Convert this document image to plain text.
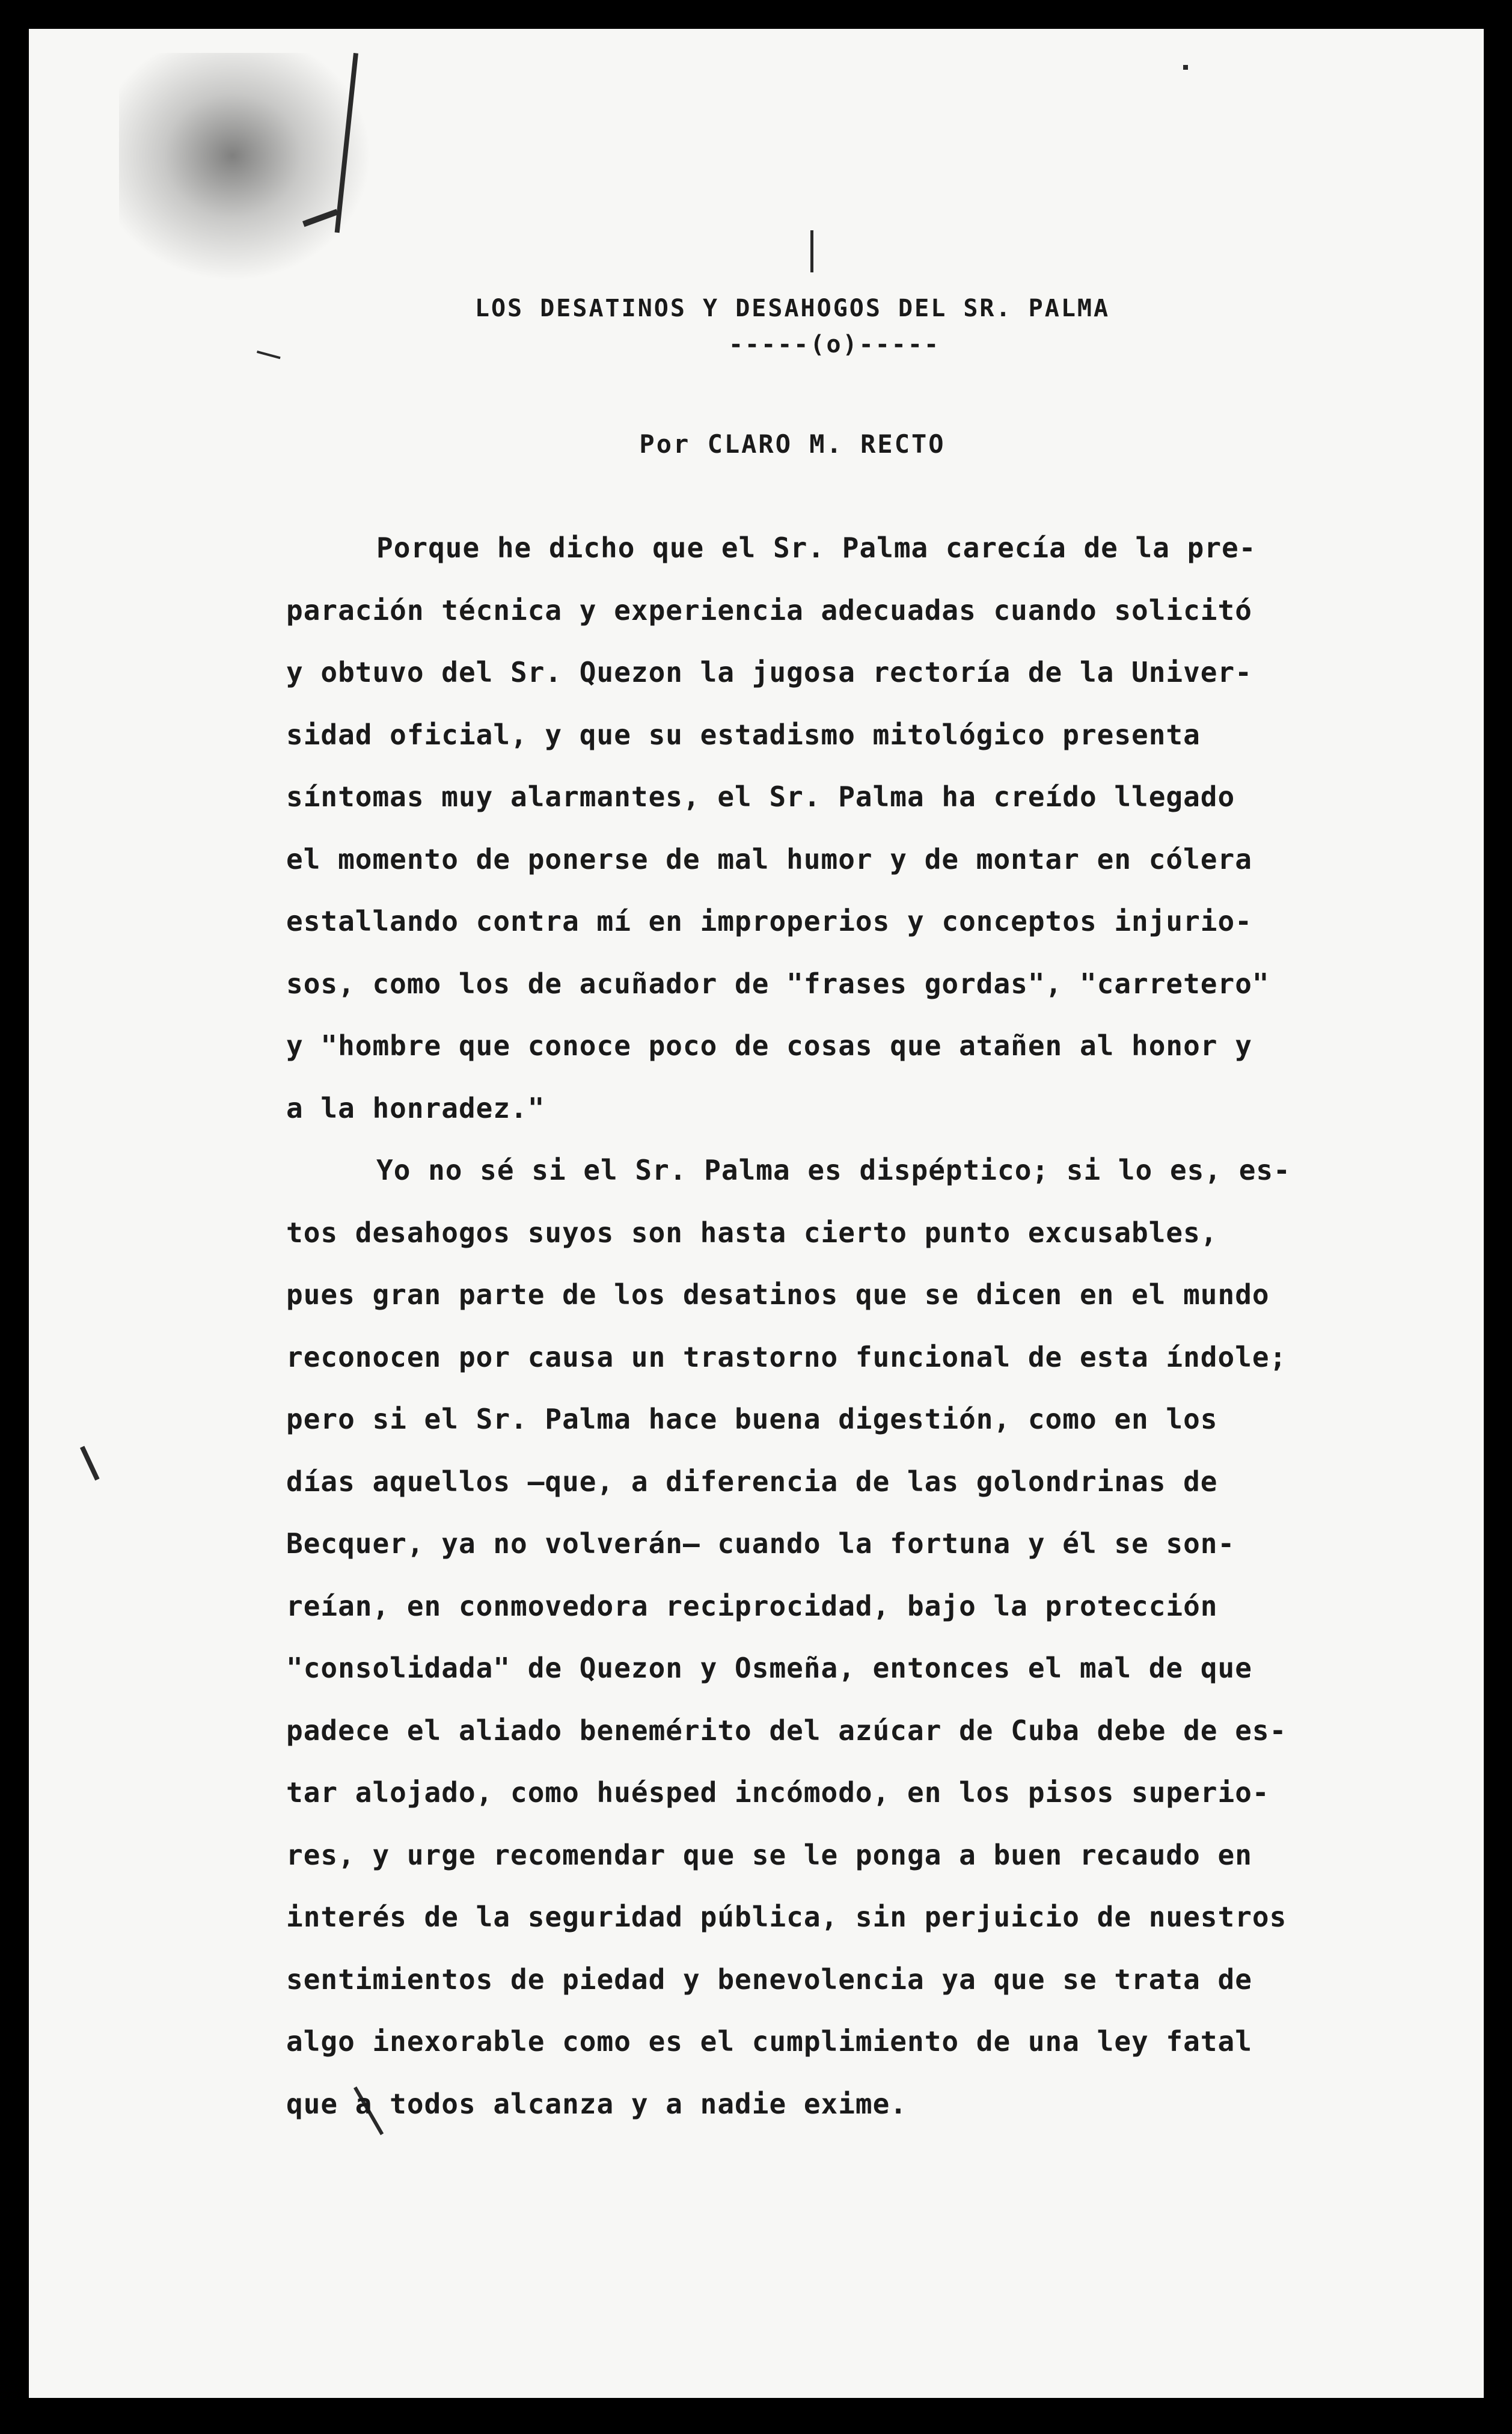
LOS DESATINOS Y DESAHOGOS DEL SR. PALMA
-----(o)-----
Por CLARO M. RECTO
Porque he dicho que el Sr. Palma carecía de la pre-
paración técnica y experiencia adecuadas cuando solicitó
y obtuvo del Sr. Quezon la jugosa rectoría de la Univer-
sidad oficial, y que su estadismo mitológico presenta
síntomas muy alarmantes, el Sr. Palma ha creído llegado
el momento de ponerse de mal humor y de montar en cólera
estallando contra mí en improperios y conceptos injurio-
sos, como los de acuñador de "frases gordas", "carretero"
y "hombre que conoce poco de cosas que atañen al honor y
a la honradez."
Yo no sé si el Sr. Palma es dispéptico; si lo es, es-
tos desahogos suyos son hasta cierto punto excusables,
pues gran parte de los desatinos que se dicen en el mundo
reconocen por causa un trastorno funcional de esta índole;
pero si el Sr. Palma hace buena digestión, como en los
días aquellos —que, a diferencia de las golondrinas de
Becquer, ya no volverán— cuando la fortuna y él se son-
reían, en conmovedora reciprocidad, bajo la protección
"consolidada" de Quezon y Osmeña, entonces el mal de que
padece el aliado benemérito del azúcar de Cuba debe de es-
tar alojado, como huésped incómodo, en los pisos superio-
res, y urge recomendar que se le ponga a buen recaudo en
interés de la seguridad pública, sin perjuicio de nuestros
sentimientos de piedad y benevolencia ya que se trata de
algo inexorable como es el cumplimiento de una ley fatal
que a todos alcanza y a nadie exime.
